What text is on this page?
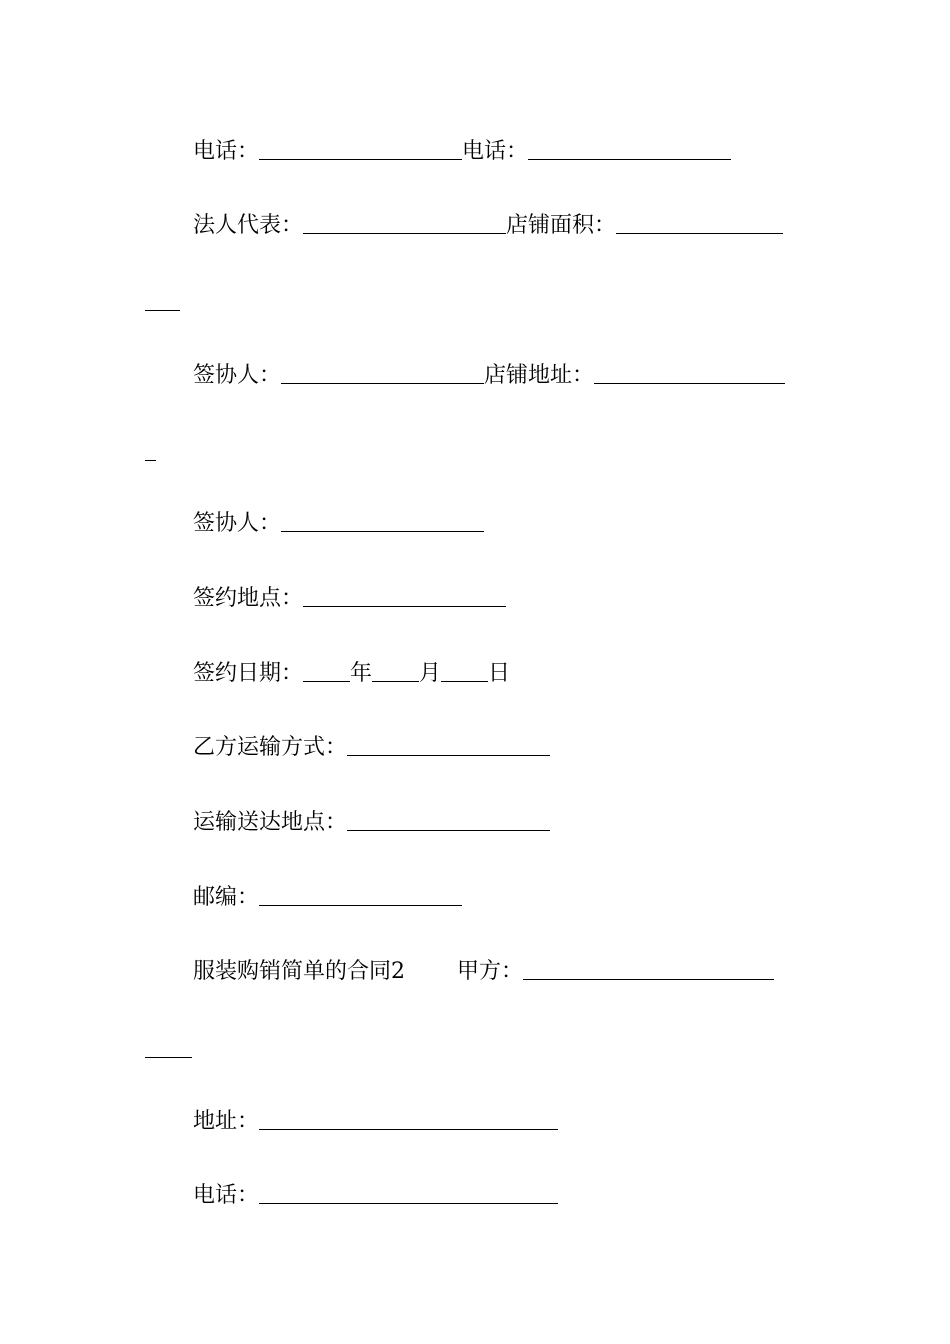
电话：	电话：
法人代表：	店铺面积：
签协人：	店铺地址：
签协人：
签约地点：
签约日期： 年 月 日
乙方运输方式：
运输送达地点：
邮编：
服装购销简单的合同2 甲方：
地址：
电话：
